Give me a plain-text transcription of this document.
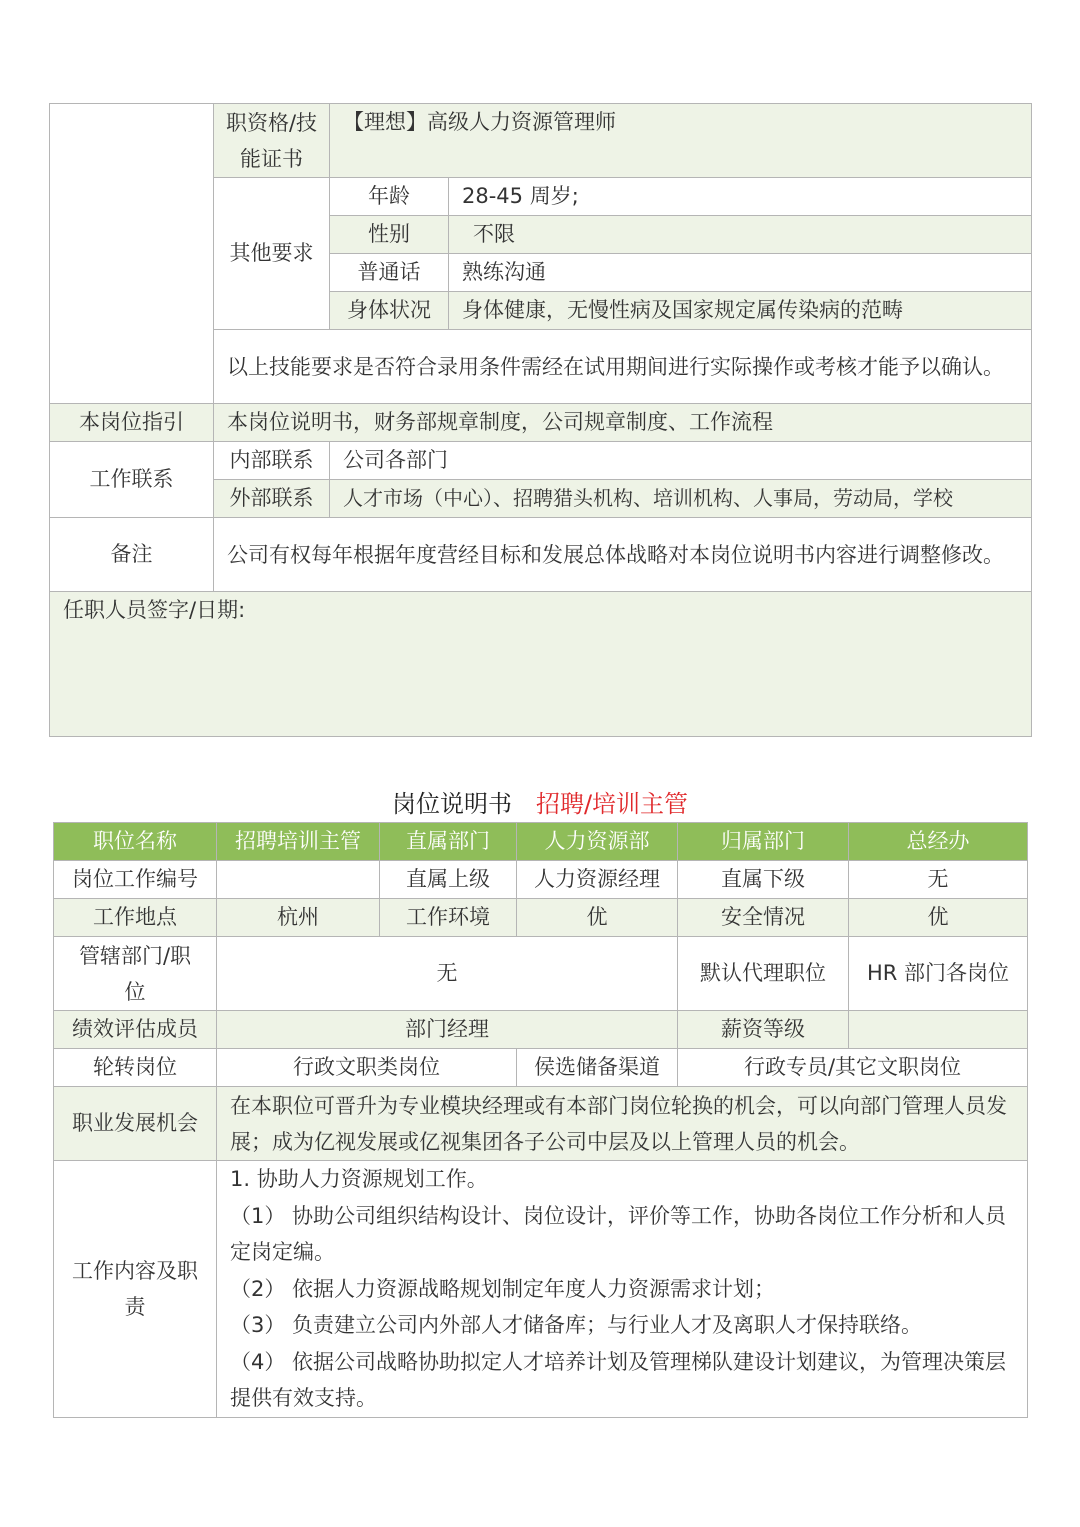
	职资格/技能证书	【理想】高级人力资源管理师	
	其他要求	年龄	28-45 周岁;
		性别	不限
		普通话	熟练沟通
		身体状况	身体健康，无慢性病及国家规定属传染病的范畴
	以上技能要求是否符合录用条件需经在试用期间进行实际操作或考核才能予以确认。		
本岗位指引	本岗位说明书，财务部规章制度，公司规章制度、工作流程		
工作联系	内部联系	公司各部门	
	外部联系	人才市场（中心）、招聘猎头机构、培训机构、人事局，劳动局，学校	
备注	公司有权每年根据年度营经目标和发展总体战略对本岗位说明书内容进行调整修改。		
任职人员签字/日期:			
岗位说明书 招聘/培训主管
职位名称	招聘培训主管	直属部门	人力资源部	归属部门	总经办
岗位工作编号		直属上级	人力资源经理	直属下级	无
工作地点	杭州	工作环境	优	安全情况	优
管辖部门/职位	无			默认代理职位	HR 部门各岗位
绩效评估成员	部门经理			薪资等级	
轮转岗位	行政文职类岗位		侯选储备渠道	行政专员/其它文职岗位	
职业发展机会	在本职位可晋升为专业模块经理或有本部门岗位轮换的机会，可以向部门管理人员发展；成为亿视发展或亿视集团各子公司中层及以上管理人员的机会。				
工作内容及职责	1. 协助人力资源规划工作。
（1） 协助公司组织结构设计、岗位设计，评价等工作，协助各岗位工作分析和人员定岗定编。
（2） 依据人力资源战略规划制定年度人力资源需求计划；
（3） 负责建立公司内外部人才储备库；与行业人才及离职人才保持联络。
（4） 依据公司战略协助拟定人才培养计划及管理梯队建设计划建议，为管理决策层提供有效支持。				
